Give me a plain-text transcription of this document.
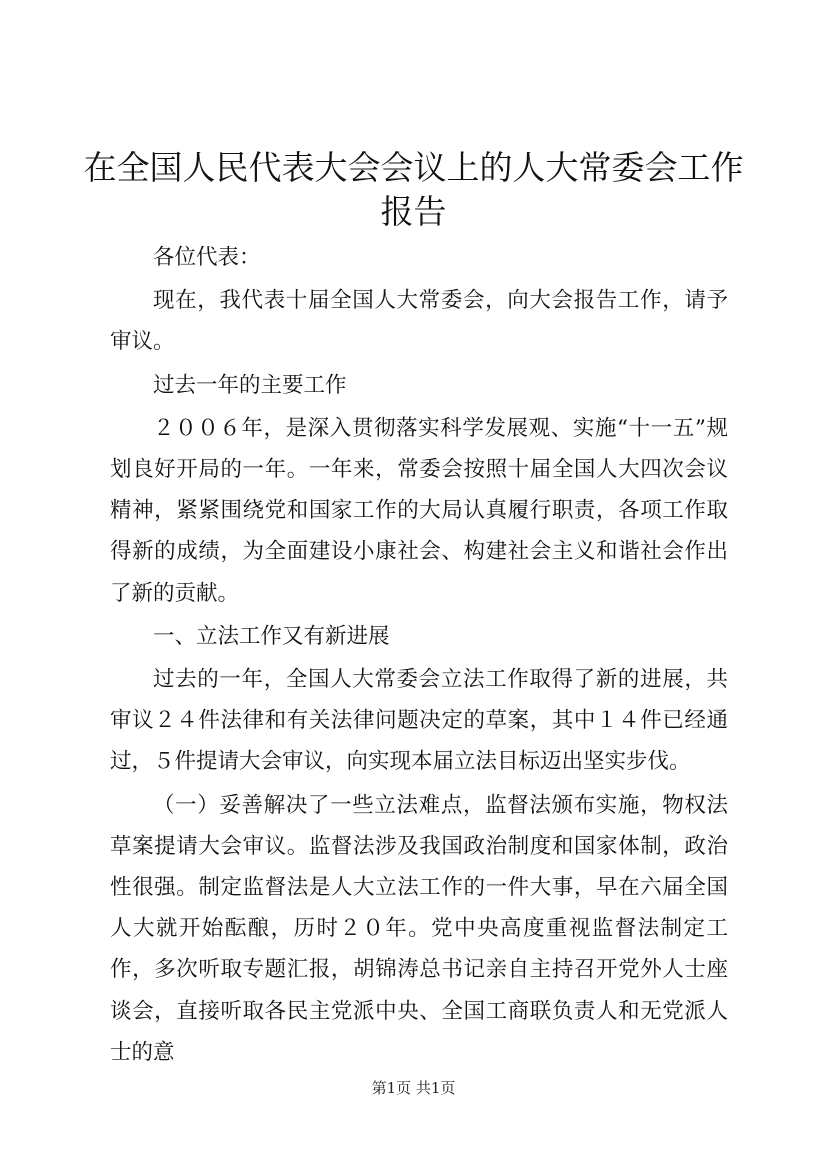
在全国人民代表大会会议上的人大常委会工作
报告

各位代表：

现在，我代表十届全国人大常委会，向大会报告工作，请予审议。

过去一年的主要工作

２００６年，是深入贯彻落实科学发展观、实施“十一五”规划良好开局的一年。一年来，常委会按照十届全国人大四次会议精神，紧紧围绕党和国家工作的大局认真履行职责，各项工作取得新的成绩，为全面建设小康社会、构建社会主义和谐社会作出了新的贡献。

一、立法工作又有新进展

过去的一年，全国人大常委会立法工作取得了新的进展，共审议２４件法律和有关法律问题决定的草案，其中１４件已经通过，５件提请大会审议，向实现本届立法目标迈出坚实步伐。

（一）妥善解决了一些立法难点，监督法颁布实施，物权法草案提请大会审议。监督法涉及我国政治制度和国家体制，政治性很强。制定监督法是人大立法工作的一件大事，早在六届全国人大就开始酝酿，历时２０年。党中央高度重视监督法制定工作，多次听取专题汇报，胡锦涛总书记亲自主持召开党外人士座谈会，直接听取各民主党派中央、全国工商联负责人和无党派人士的意

第1页 共1页
